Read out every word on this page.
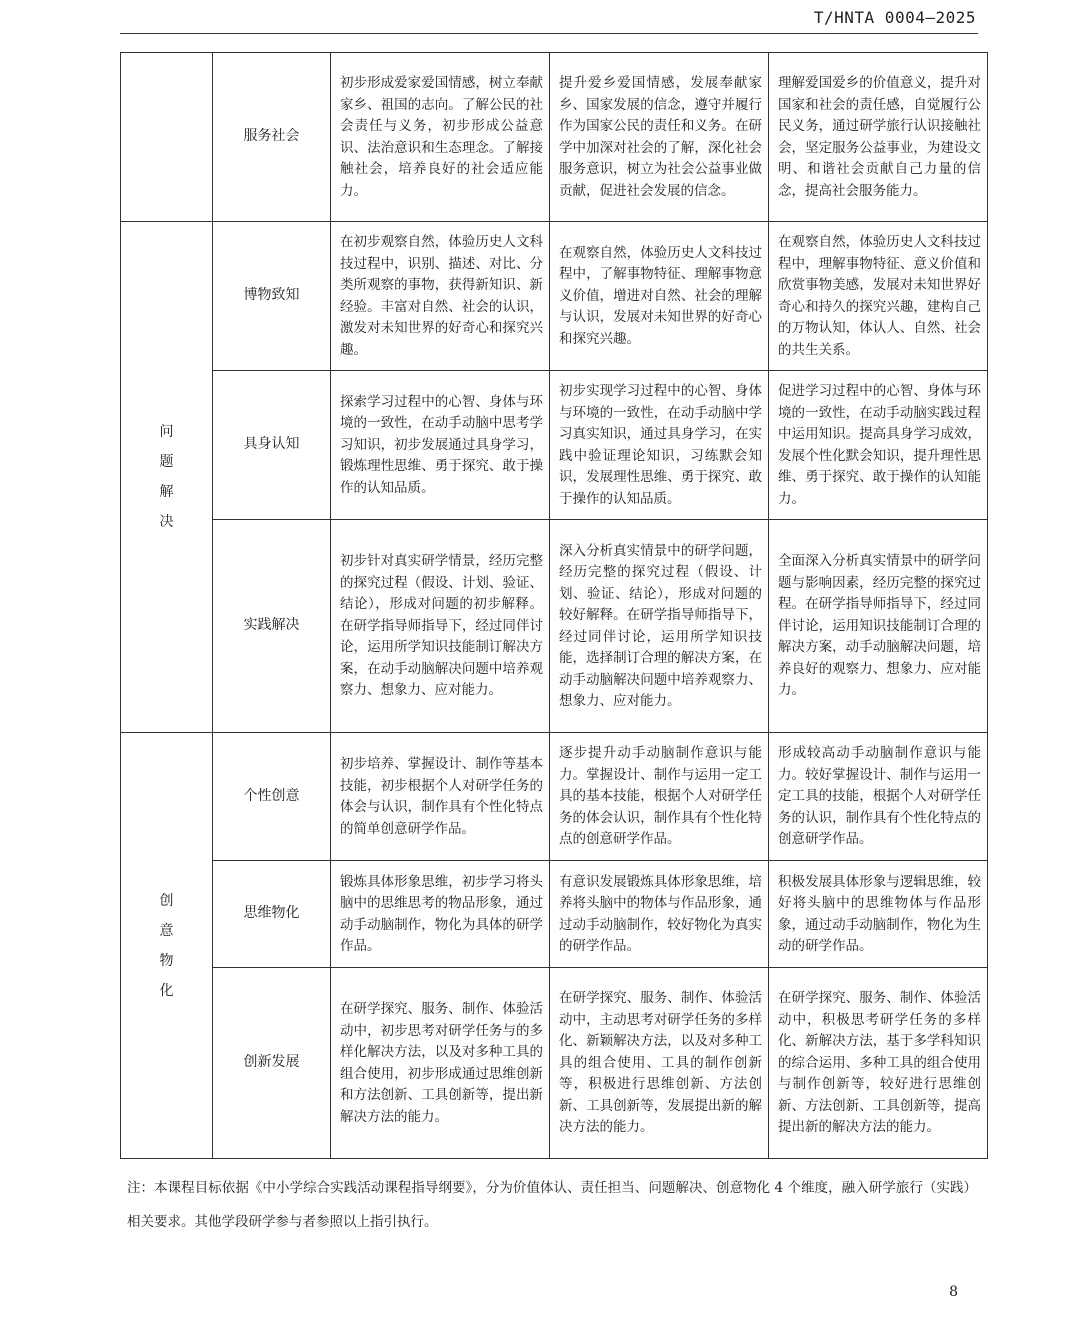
T/HNTA 0004—2025
	服务社会	初步形成爱家爱国情感，树立奉献家乡、祖国的志向。了解公民的社会责任与义务，初步形成公益意识、法治意识和生态理念。了解接触社会，培养良好的社会适应能力。	提升爱乡爱国情感，发展奉献家乡、国家发展的信念，遵守并履行作为国家公民的责任和义务。在研学中加深对社会的了解，深化社会服务意识，树立为社会公益事业做贡献，促进社会发展的信念。	理解爱国爱乡的价值意义，提升对国家和社会的责任感，自觉履行公民义务，通过研学旅行认识接触社会，坚定服务公益事业，为建设文明、和谐社会贡献自己力量的信念，提高社会服务能力。
问题解决	博物致知	在初步观察自然，体验历史人文科技过程中，识别、描述、对比、分类所观察的事物，获得新知识、新经验。丰富对自然、社会的认识，激发对未知世界的好奇心和探究兴趣。	在观察自然，体验历史人文科技过程中，了解事物特征、理解事物意义价值，增进对自然、社会的理解与认识，发展对未知世界的好奇心和探究兴趣。	在观察自然，体验历史人文科技过程中，理解事物特征、意义价值和欣赏事物美感，发展对未知世界好奇心和持久的探究兴趣，建构自己的万物认知，体认人、自然、社会的共生关系。
	具身认知	探索学习过程中的心智、身体与环境的一致性，在动手动脑中思考学习知识，初步发展通过具身学习，锻炼理性思维、勇于探究、敢于操作的认知品质。	初步实现学习过程中的心智、身体与环境的一致性，在动手动脑中学习真实知识，通过具身学习，在实践中验证理论知识，习练默会知识，发展理性思维、勇于探究、敢于操作的认知品质。	促进学习过程中的心智、身体与环境的一致性，在动手动脑实践过程中运用知识。提高具身学习成效，发展个性化默会知识，提升理性思维、勇于探究、敢于操作的认知能力。
	实践解决	初步针对真实研学情景，经历完整的探究过程（假设、计划、验证、结论），形成对问题的初步解释。在研学指导师指导下，经过同伴讨论，运用所学知识技能制订解决方案，在动手动脑解决问题中培养观察力、想象力、应对能力。	深入分析真实情景中的研学问题，经历完整的探究过程（假设、计划、验证、结论），形成对问题的较好解释。在研学指导师指导下，经过同伴讨论，运用所学知识技能，选择制订合理的解决方案，在动手动脑解决问题中培养观察力、想象力、应对能力。	全面深入分析真实情景中的研学问题与影响因素，经历完整的探究过程。在研学指导师指导下，经过同伴讨论，运用知识技能制订合理的解决方案，动手动脑解决问题，培养良好的观察力、想象力、应对能力。
创意物化	个性创意	初步培养、掌握设计、制作等基本技能，初步根据个人对研学任务的体会与认识，制作具有个性化特点的简单创意研学作品。	逐步提升动手动脑制作意识与能力。掌握设计、制作与运用一定工具的基本技能，根据个人对研学任务的体会认识，制作具有个性化特点的创意研学作品。	形成较高动手动脑制作意识与能力。较好掌握设计、制作与运用一定工具的技能，根据个人对研学任务的认识，制作具有个性化特点的创意研学作品。
	思维物化	锻炼具体形象思维，初步学习将头脑中的思维思考的物品形象，通过动手动脑制作，物化为具体的研学作品。	有意识发展锻炼具体形象思维，培养将头脑中的物体与作品形象，通过动手动脑制作，较好物化为真实的研学作品。	积极发展具体形象与逻辑思维，较好将头脑中的思维物体与作品形象，通过动手动脑制作，物化为生动的研学作品。
	创新发展	在研学探究、服务、制作、体验活动中，初步思考对研学任务与的多样化解决方法，以及对多种工具的组合使用，初步形成通过思维创新和方法创新、工具创新等，提出新解决方法的能力。	在研学探究、服务、制作、体验活动中，主动思考对研学任务的多样化、新颖解决方法，以及对多种工具的组合使用、工具的制作创新等，积极进行思维创新、方法创新、工具创新等，发展提出新的解决方法的能力。	在研学探究、服务、制作、体验活动中，积极思考研学任务的多样化、新解决方法，基于多学科知识的综合运用、多种工具的组合使用与制作创新等，较好进行思维创新、方法创新、工具创新等，提高提出新的解决方法的能力。
注：本课程目标依据《中小学综合实践活动课程指导纲要》，分为价值体认、责任担当、问题解决、创意物化 4 个维度，融入研学旅行（实践）相关要求。其他学段研学参与者参照以上指引执行。
8
